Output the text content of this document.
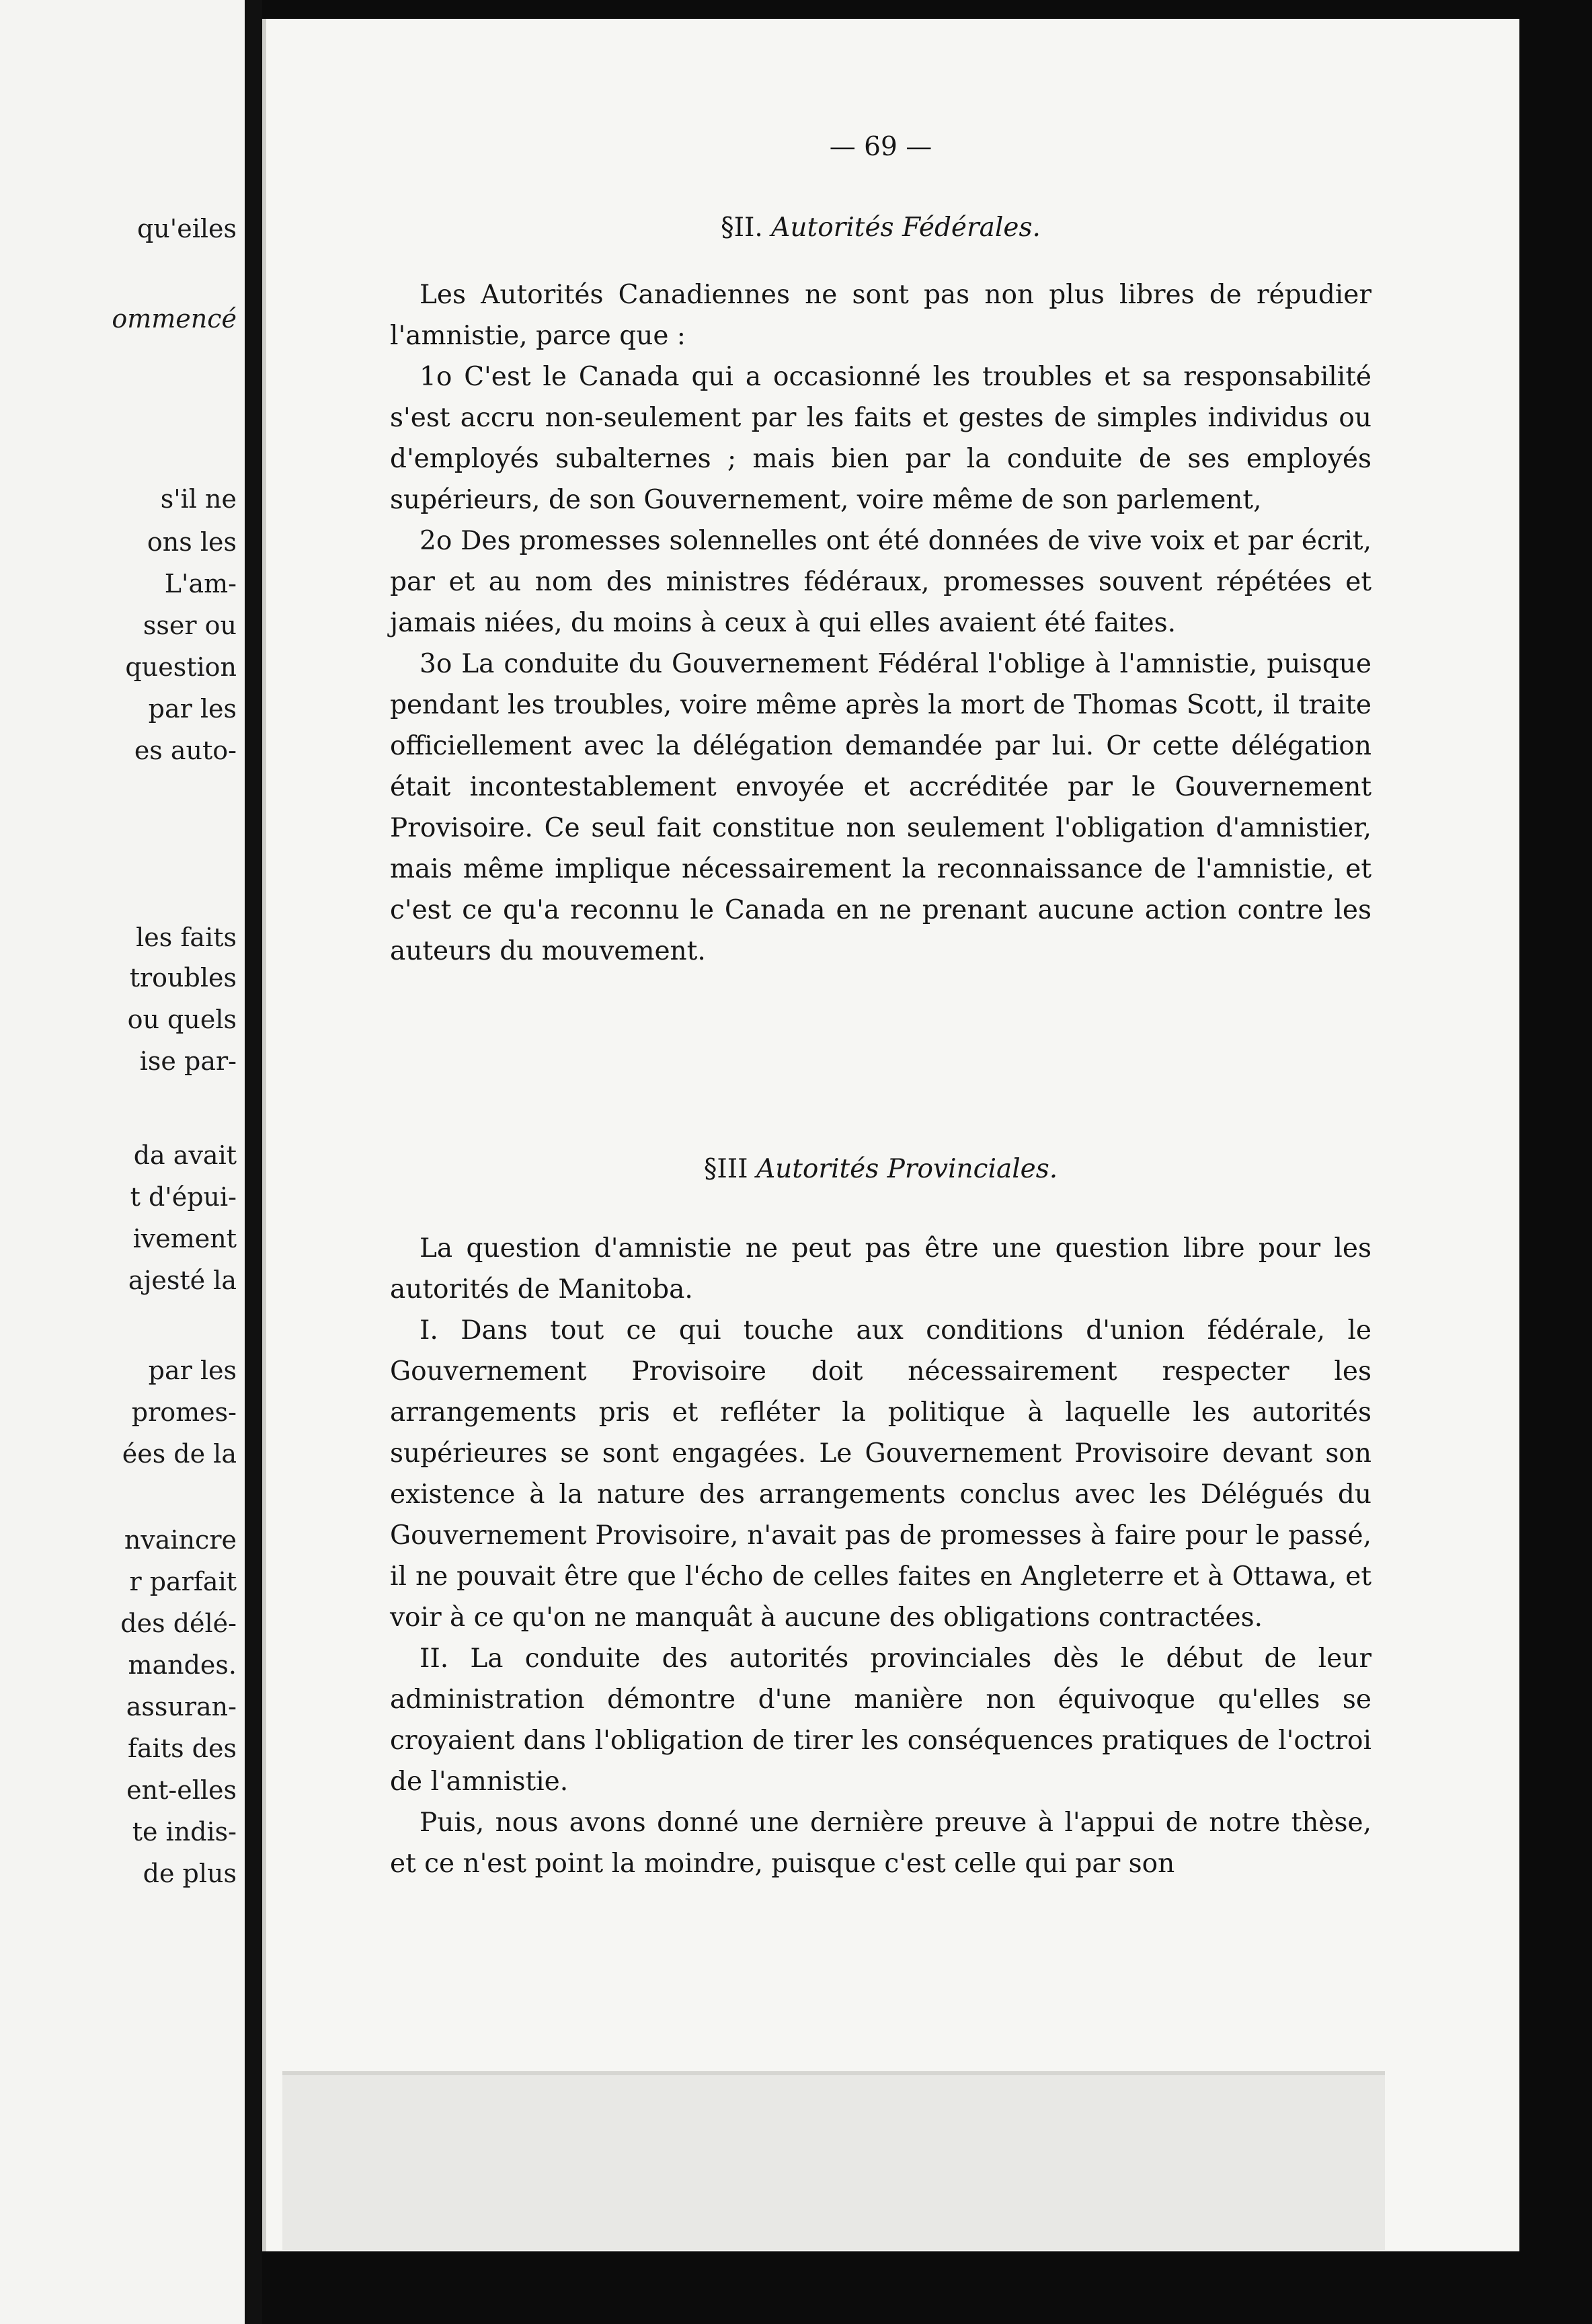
qu'eiles
ommencé
s'il ne
ons les
L'am-
sser ou
question
par les
es auto-
les faits
troubles
ou quels
ise par-
da avait
t d'épui-
ivement
ajesté la
par les
promes-
ées de la
nvaincre
r parfait
des délé-
mandes.
assuran-
faits des
ent-elles
te indis-
de plus
— 69 —
§II. Autorités Fédérales.

Les Autorités Canadiennes ne sont pas non plus libres de répudier l'amnistie, parce que :

1o C'est le Canada qui a occasionné les troubles et sa responsabilité s'est accru non-seulement par les faits et gestes de simples individus ou d'employés subalternes ; mais bien par la conduite de ses employés supérieurs, de son Gouvernement, voire même de son parlement,

2o Des promesses solennelles ont été données de vive voix et par écrit, par et au nom des ministres fédéraux, promesses souvent répétées et jamais niées, du moins à ceux à qui elles avaient été faites.

3o La conduite du Gouvernement Fédéral l'oblige à l'amnistie, puisque pendant les troubles, voire même après la mort de Thomas Scott, il traite officiellement avec la délégation demandée par lui. Or cette délégation était incontestablement envoyée et accréditée par le Gouvernement Provisoire. Ce seul fait constitue non seulement l'obligation d'amnistier, mais même implique nécessairement la reconnaissance de l'amnistie, et c'est ce qu'a reconnu le Canada en ne prenant aucune action contre les auteurs du mouvement.

§III Autorités Provinciales.

La question d'amnistie ne peut pas être une question libre pour les autorités de Manitoba.

I. Dans tout ce qui touche aux conditions d'union fédérale, le Gouvernement Provisoire doit nécessairement respecter les arrangements pris et refléter la politique à laquelle les autorités supérieures se sont engagées. Le Gouvernement Provisoire devant son existence à la nature des arrangements conclus avec les Délégués du Gouvernement Provisoire, n'avait pas de promesses à faire pour le passé, il ne pouvait être que l'écho de celles faites en Angleterre et à Ottawa, et voir à ce qu'on ne manquât à aucune des obligations contractées.

II. La conduite des autorités provinciales dès le début de leur administration démontre d'une manière non équivoque qu'elles se croyaient dans l'obligation de tirer les conséquences pratiques de l'octroi de l'amnistie.

Puis, nous avons donné une dernière preuve à l'appui de notre thèse, et ce n'est point la moindre, puisque c'est celle qui par son
